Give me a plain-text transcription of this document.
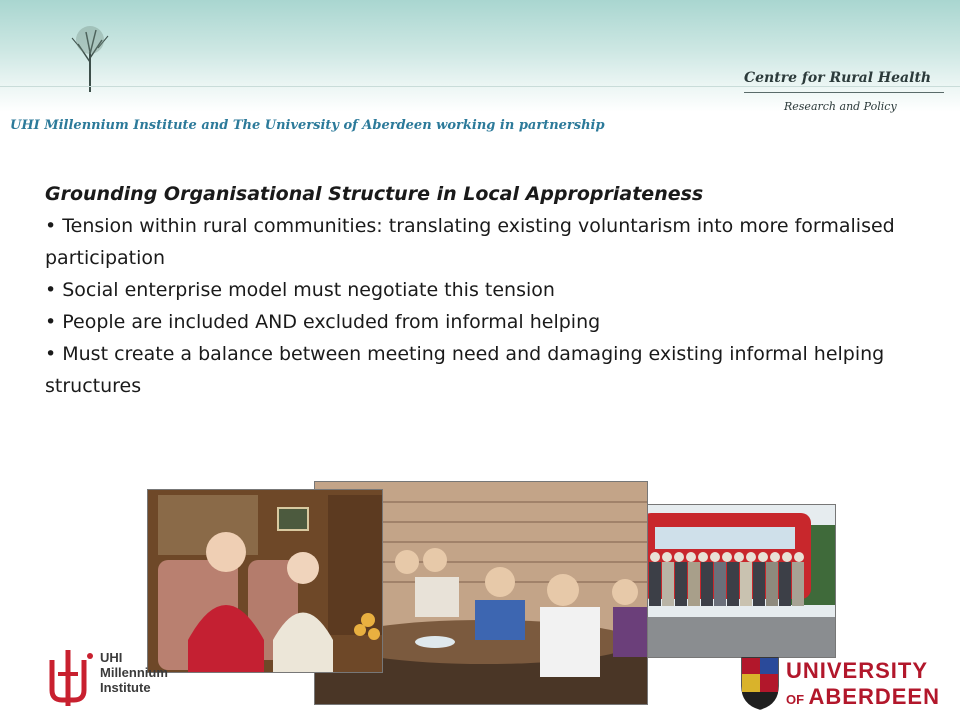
Centre for Rural Health
Research and Policy
UHI Millennium Institute and The University of Aberdeen working in partnership
Grounding Organisational Structure in Local Appropriateness
• Tension within rural communities: translating existing voluntarism into more formalised participation
• Social enterprise model must negotiate this tension
• People are included AND excluded from informal helping
• Must create a balance between meeting need and damaging existing informal helping structures
UHI
Millennium
Institute
UNIVERSITY
OF ABERDEEN
